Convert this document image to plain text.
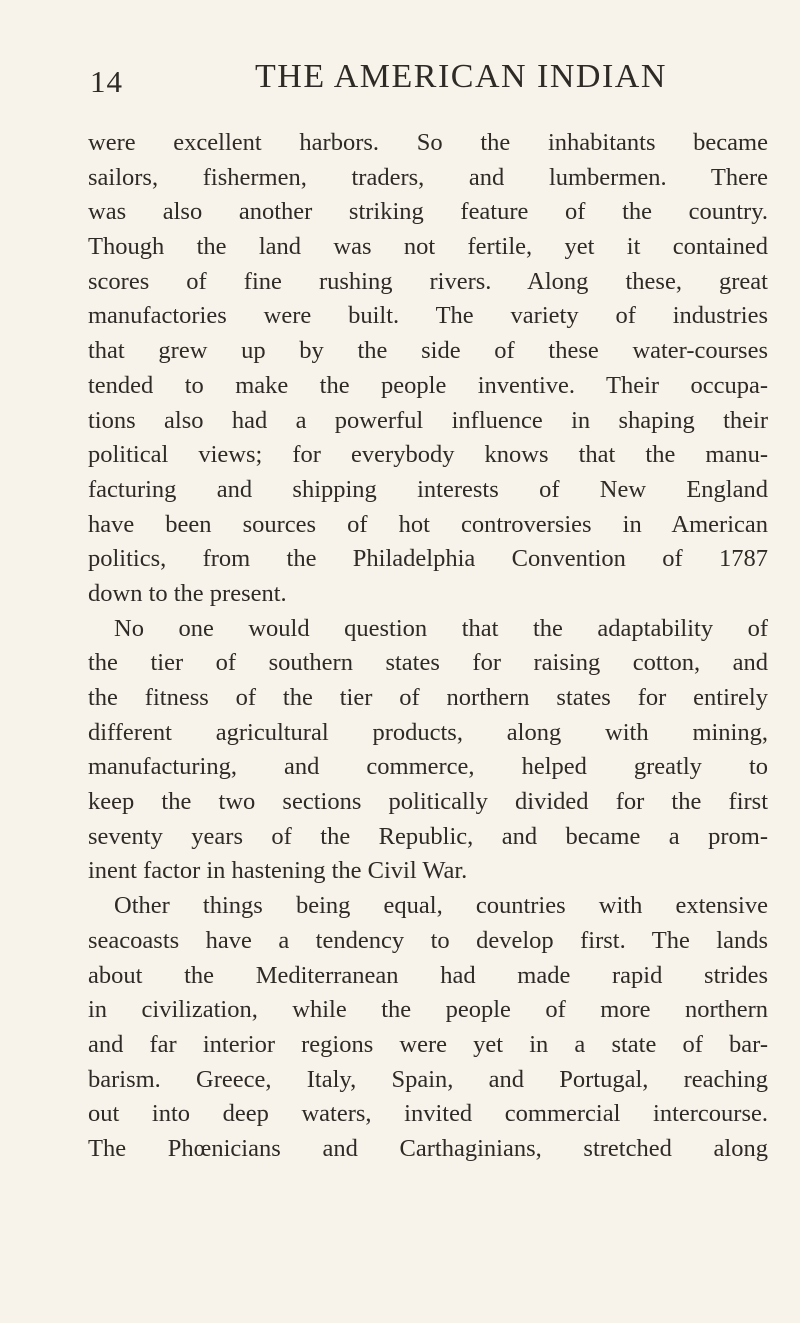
14	THE AMERICAN INDIAN
were excellent harbors. So the inhabitants became
sailors, fishermen, traders, and lumbermen. There
was also another striking feature of the country.
Though the land was not fertile, yet it contained
scores of fine rushing rivers. Along these, great
manufactories were built. The variety of industries
that grew up by the side of these water-courses
tended to make the people inventive. Their occupa-
tions also had a powerful influence in shaping their
political views; for everybody knows that the manu-
facturing and shipping interests of New England
have been sources of hot controversies in American
politics, from the Philadelphia Convention of 1787
down to the present.
No one would question that the adaptability of
the tier of southern states for raising cotton, and
the fitness of the tier of northern states for entirely
different agricultural products, along with mining,
manufacturing, and commerce, helped greatly to
keep the two sections politically divided for the first
seventy years of the Republic, and became a prom-
inent factor in hastening the Civil War.
Other things being equal, countries with extensive
seacoasts have a tendency to develop first. The lands
about the Mediterranean had made rapid strides
in civilization, while the people of more northern
and far interior regions were yet in a state of bar-
barism. Greece, Italy, Spain, and Portugal, reaching
out into deep waters, invited commercial intercourse.
The Phœnicians and Carthaginians, stretched along
